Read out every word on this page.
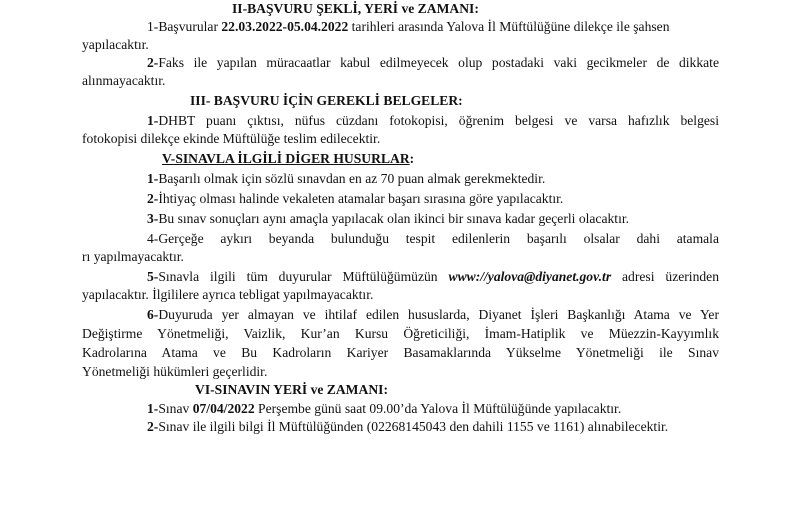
II-BAŞVURU ŞEKLİ, YERİ ve ZAMANI:
1-Başvurular 22.03.2022-05.04.2022 tarihleri arasında Yalova İl Müftülüğüne dilekçe ile şahsen
yapılacaktır.
2-Faks ile yapılan müracaatlar kabul edilmeyecek olup postadaki vaki gecikmeler de dikkate
alınmayacaktır.
III- BAŞVURU İÇİN GEREKLİ BELGELER:
1-DHBT puanı çıktısı, nüfus cüzdanı fotokopisi, öğrenim belgesi ve varsa hafızlık belgesi
fotokopisi dilekçe ekinde Müftülüğe teslim edilecektir.
V-SINAVLA İLGİLİ DİGER HUSURLAR:
1-Başarılı olmak için sözlü sınavdan en az 70 puan almak gerekmektedir.
2-İhtiyaç olması halinde vekaleten atamalar başarı sırasına göre yapılacaktır.
3-Bu sınav sonuçları aynı amaçla yapılacak olan ikinci bir sınava kadar geçerli olacaktır.
4-Gerçeğe aykırı beyanda bulunduğu tespit edilenlerin başarılı olsalar dahi atamala
rı yapılmayacaktır.
5-Sınavla ilgili tüm duyurular Müftülüğümüzün www://yalova@diyanet.gov.tr adresi üzerinden
yapılacaktır. İlgililere ayrıca tebligat yapılmayacaktır.
6-Duyuruda yer almayan ve ihtilaf edilen hususlarda, Diyanet İşleri Başkanlığı Atama ve Yer
Değiştirme Yönetmeliği, Vaizlik, Kur’an Kursu Öğreticiliği, İmam-Hatiplik ve Müezzin-Kayyımlık
Kadrolarına Atama ve Bu Kadroların Kariyer Basamaklarında Yükselme Yönetmeliği ile Sınav
Yönetmeliği hükümleri geçerlidir.
VI-SINAVIN YERİ ve ZAMANI:
1-Sınav 07/04/2022 Perşembe günü saat 09.00’da Yalova İl Müftülüğünde yapılacaktır.
2-Sınav ile ilgili bilgi İl Müftülüğünden (02268145043 den dahili 1155 ve 1161) alınabilecektir.
